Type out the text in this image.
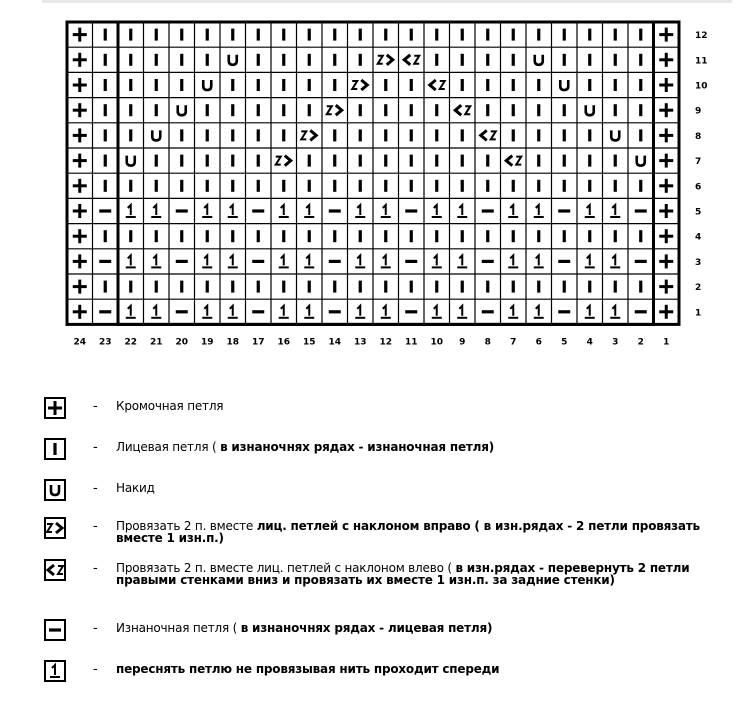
12
11
10
9
8
7
6
5
4
3
2
1
24 23 22 21 20 19 18 17 16 15 14 13 12 11 10 9 8 7 6 5 4 3 2 1
- Кромочная петля
- Лицевая петля ( в изнаночнях рядах - изнаночная петля)
- Накид
- Провязать 2 п. вместе лиц. петлей с наклоном вправо ( в изн.рядах - 2 петли провязать вместе 1 изн.п.)
- Провязать 2 п. вместе лиц. петлей с наклоном влево ( в изн.рядах - перевернуть 2 петли правыми стенками вниз и провязать их вместе 1 изн.п. за задние стенки)
- Изнаночная петля ( в изнаночнях рядах - лицевая петля)
- переснять петлю не провязывая нить проходит спереди
